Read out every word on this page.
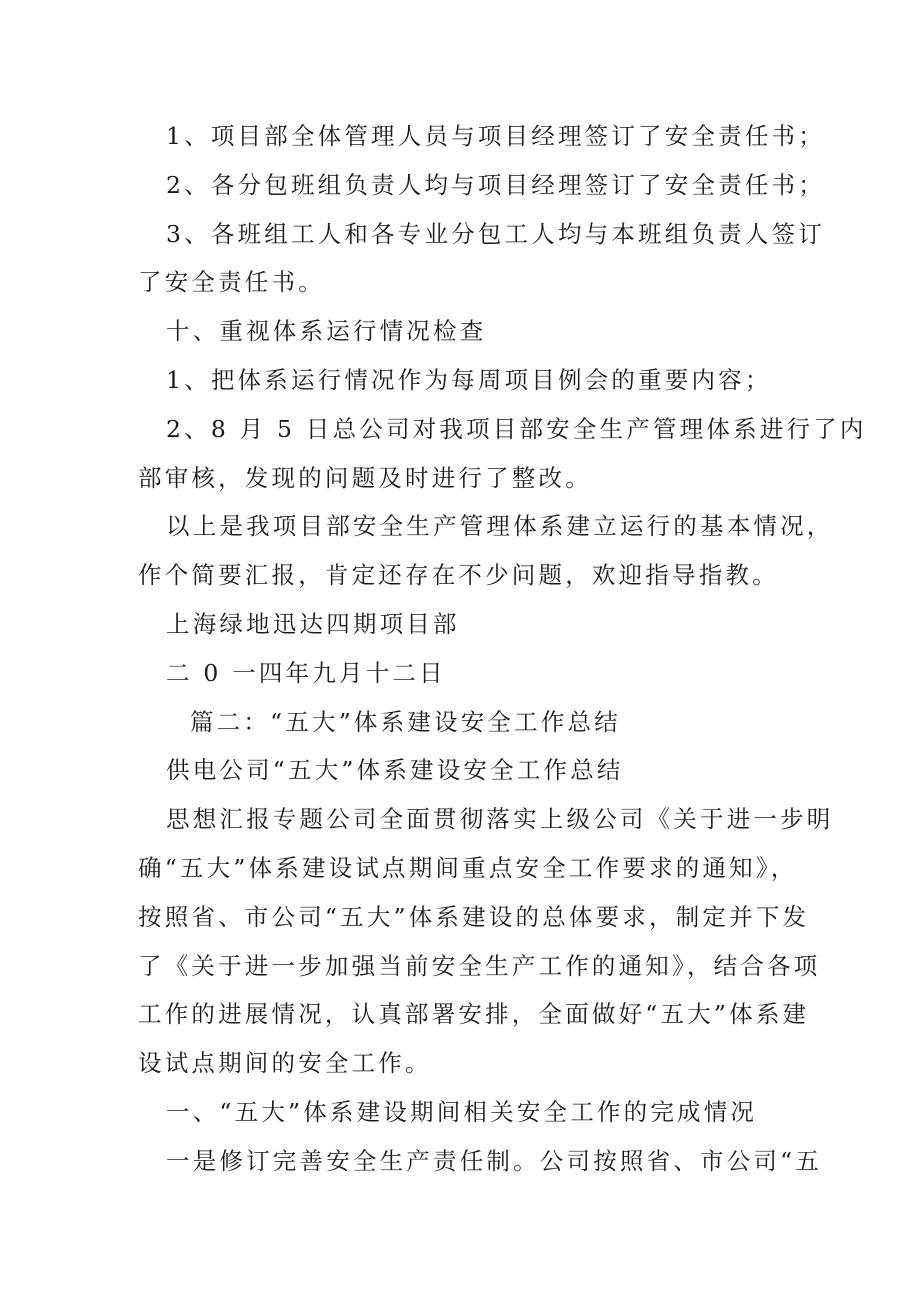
1、项目部全体管理人员与项目经理签订了安全责任书；
2、各分包班组负责人均与项目经理签订了安全责任书；
3、各班组工人和各专业分包工人均与本班组负责人签订
了安全责任书。
十、重视体系运行情况检查
1、把体系运行情况作为每周项目例会的重要内容；
2、8 月 5 日总公司对我项目部安全生产管理体系进行了内
部审核，发现的问题及时进行了整改。
以上是我项目部安全生产管理体系建立运行的基本情况，
作个简要汇报，肯定还存在不少问题，欢迎指导指教。
上海绿地迅达四期项目部
二 0 一四年九月十二日
篇二：“五大”体系建设安全工作总结
供电公司“五大”体系建设安全工作总结
思想汇报专题公司全面贯彻落实上级公司《关于进一步明
确“五大”体系建设试点期间重点安全工作要求的通知》，
按照省、市公司“五大”体系建设的总体要求，制定并下发
了《关于进一步加强当前安全生产工作的通知》，结合各项
工作的进展情况，认真部署安排，全面做好“五大”体系建
设试点期间的安全工作。
一、“五大”体系建设期间相关安全工作的完成情况
一是修订完善安全生产责任制。公司按照省、市公司“五
